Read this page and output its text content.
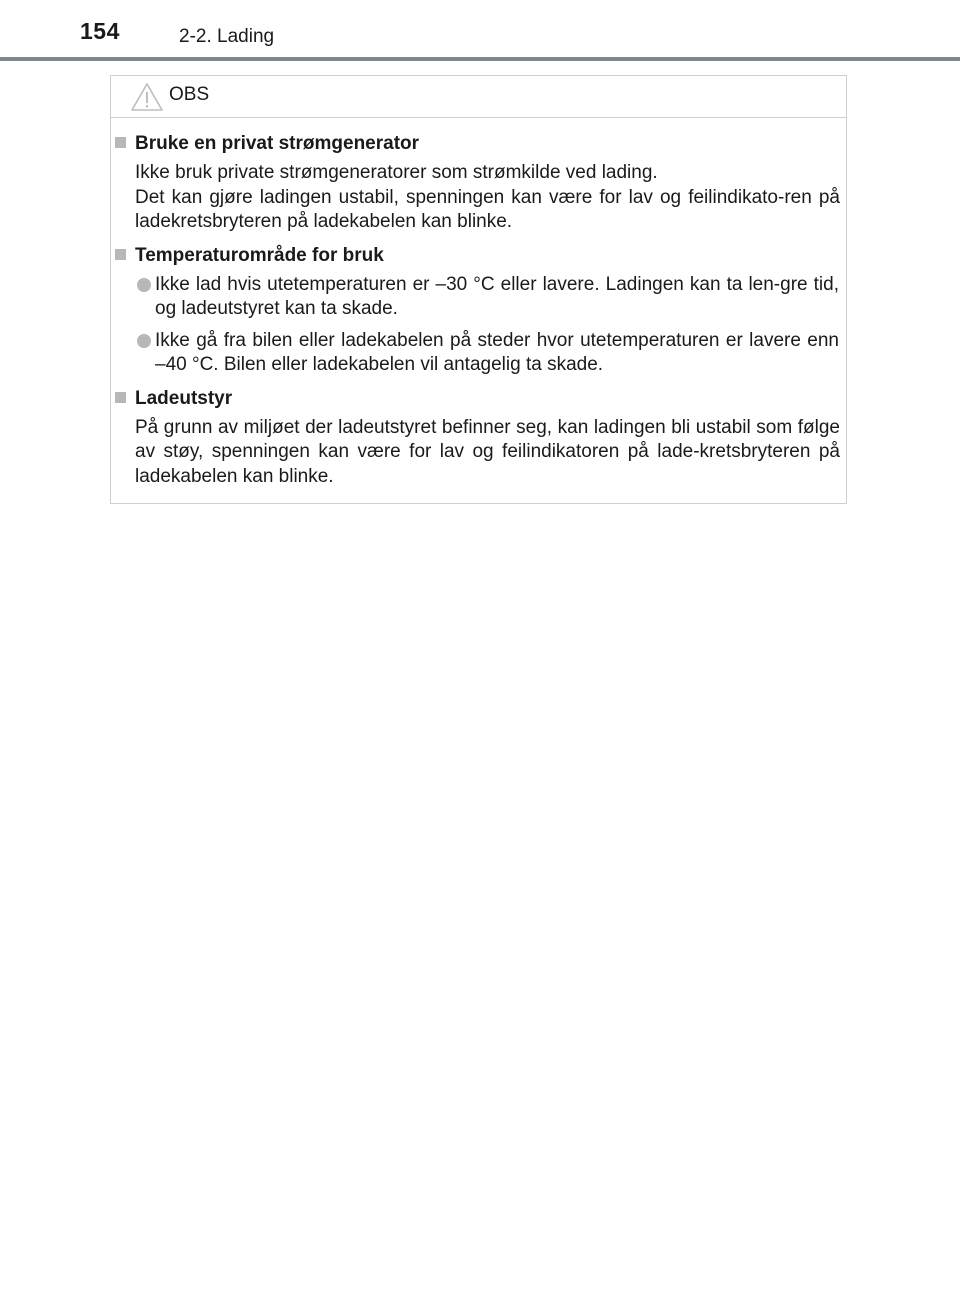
154	2-2. Lading
OBS
Bruke en privat strømgenerator
Ikke bruk private strømgeneratorer som strømkilde ved lading.
Det kan gjøre ladingen ustabil, spenningen kan være for lav og feilindikato-ren på ladekretsbryteren på ladekabelen kan blinke.
Temperaturområde for bruk
Ikke lad hvis utetemperaturen er –30 °C eller lavere. Ladingen kan ta len-gre tid, og ladeutstyret kan ta skade.
Ikke gå fra bilen eller ladekabelen på steder hvor utetemperaturen er lavere enn –40 °C. Bilen eller ladekabelen vil antagelig ta skade.
Ladeutstyr
På grunn av miljøet der ladeutstyret befinner seg, kan ladingen bli ustabil som følge av støy, spenningen kan være for lav og feilindikatoren på lade-kretsbryteren på ladekabelen kan blinke.
